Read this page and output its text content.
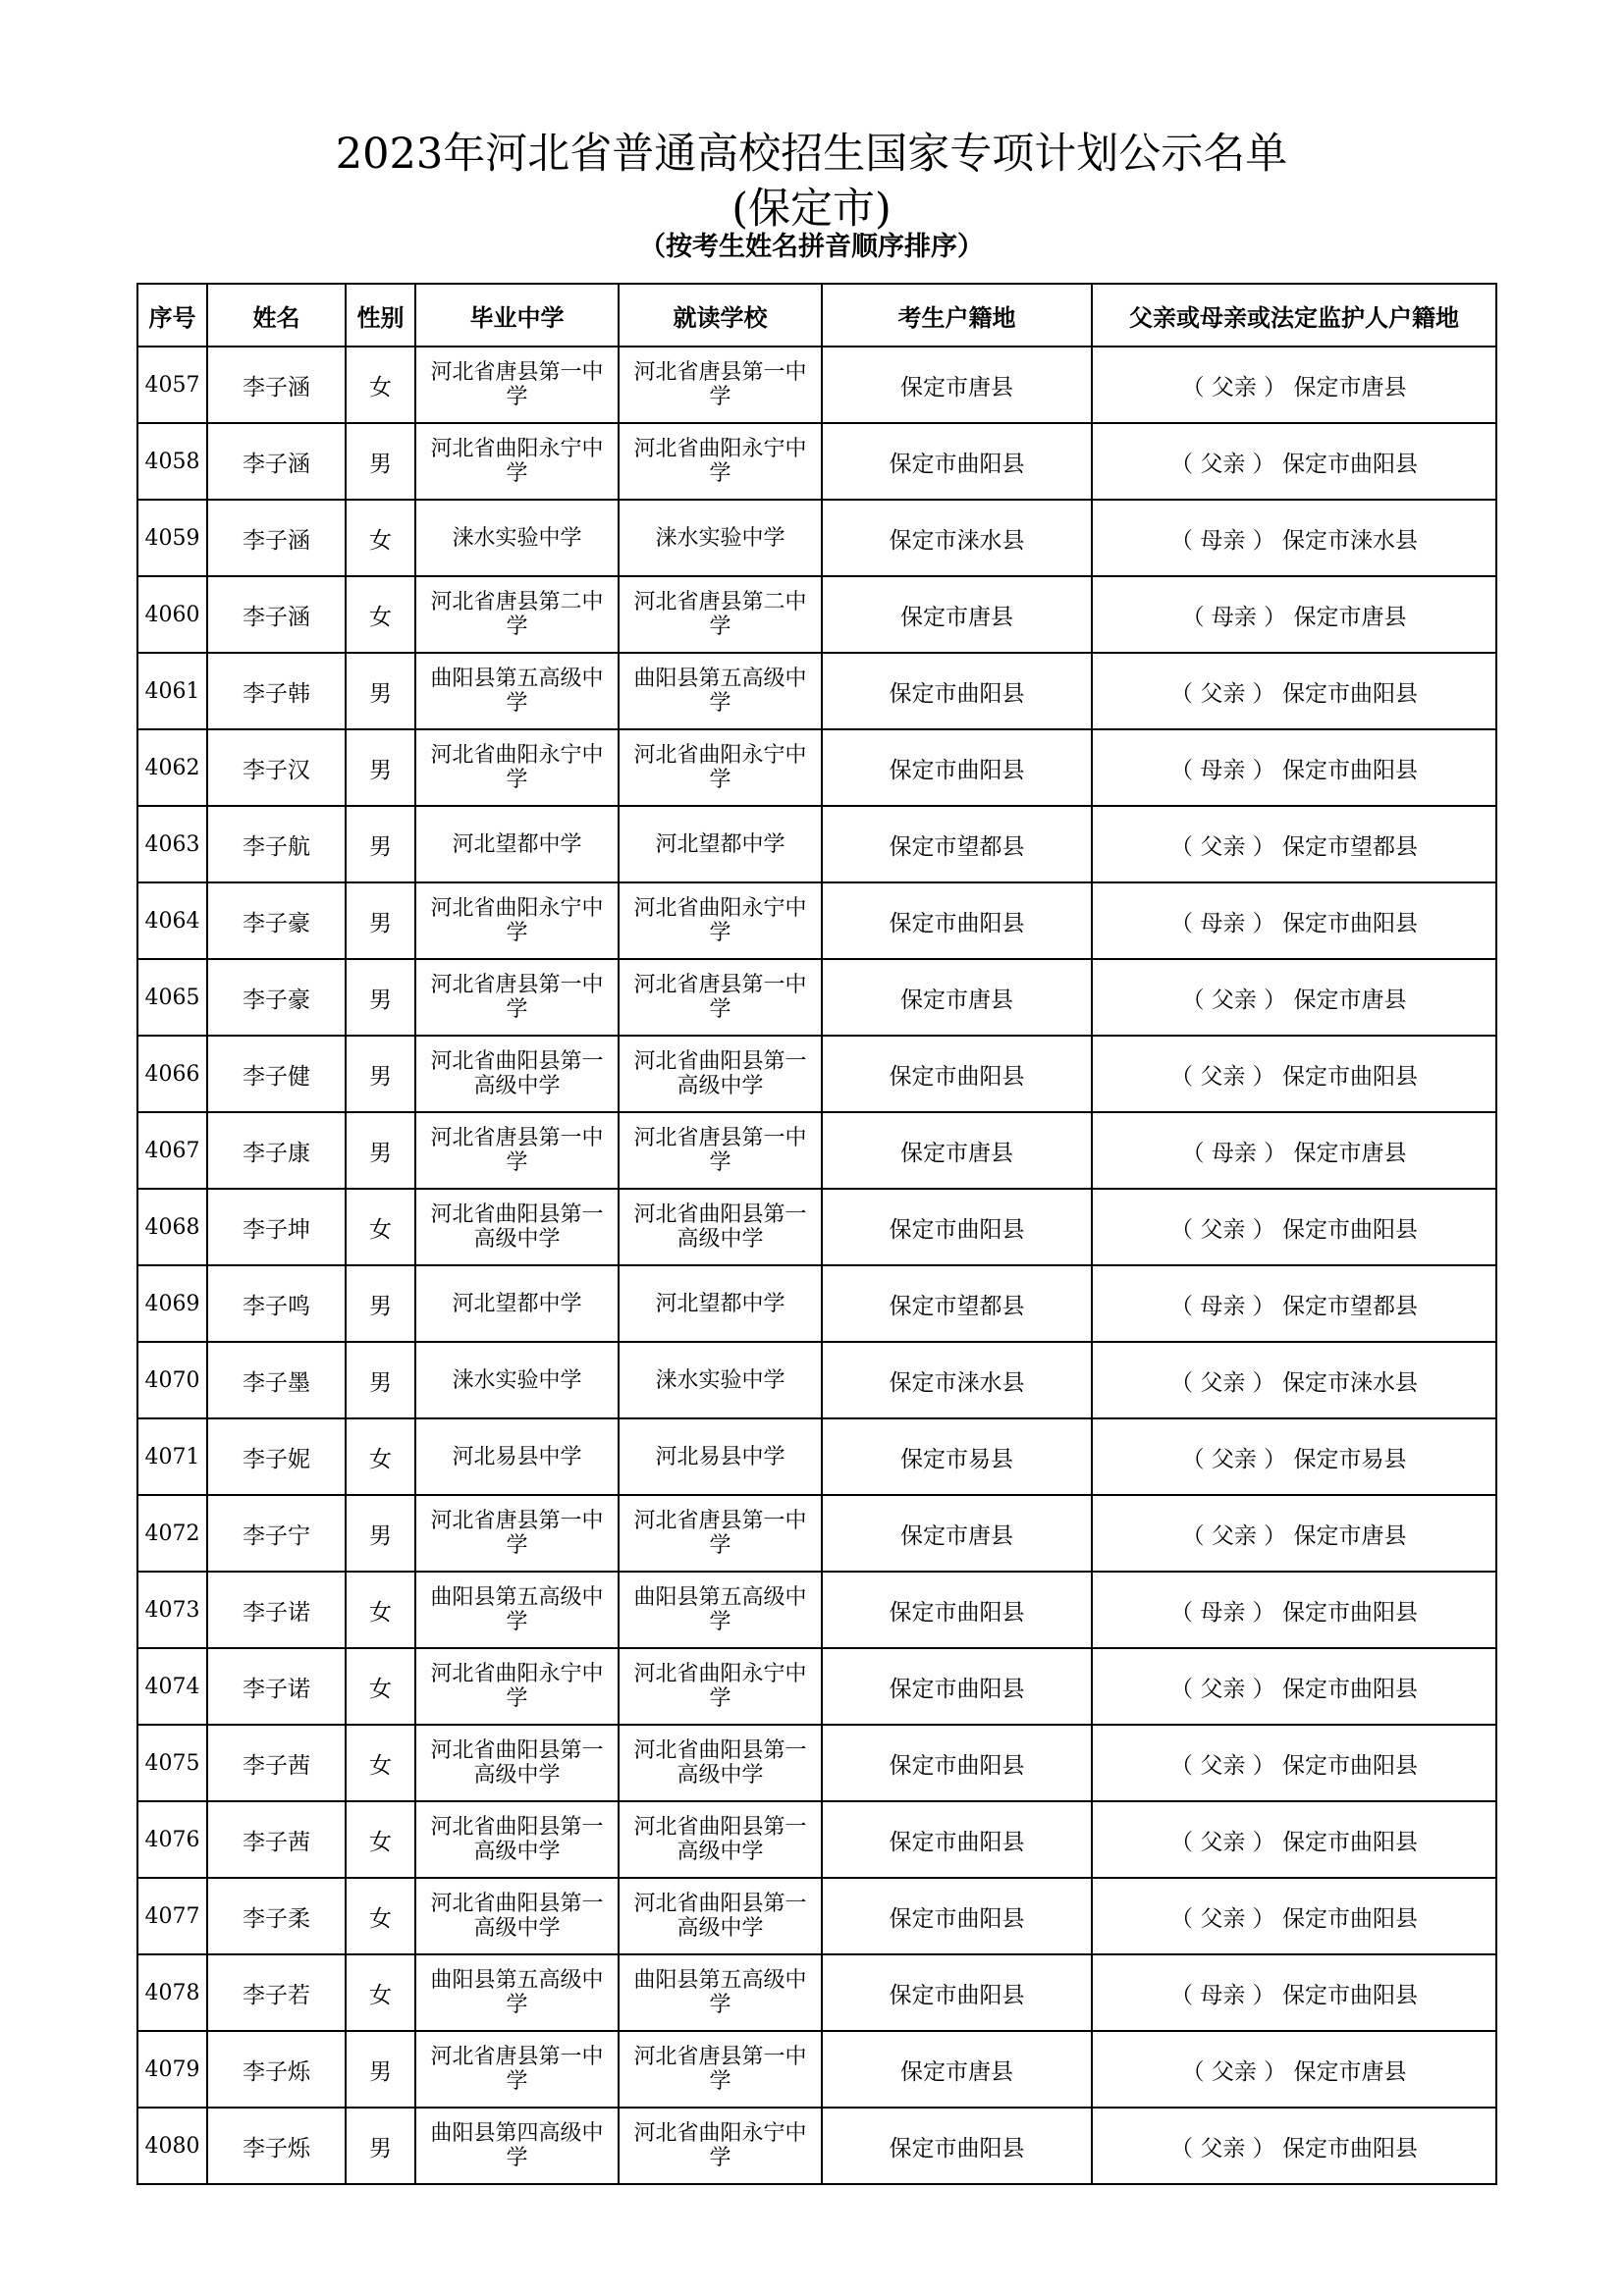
2023年河北省普通高校招生国家专项计划公示名单
(保定市)
（按考生姓名拼音顺序排序）
序号	姓名	性别	毕业中学	就读学校	考生户籍地	父亲或母亲或法定监护人户籍地
4057	李子涵	女	河北省唐县第一中学	河北省唐县第一中学	保定市唐县	（ 父亲 ） 保定市唐县
4058	李子涵	男	河北省曲阳永宁中学	河北省曲阳永宁中学	保定市曲阳县	（ 父亲 ） 保定市曲阳县
4059	李子涵	女	涞水实验中学	涞水实验中学	保定市涞水县	（ 母亲 ） 保定市涞水县
4060	李子涵	女	河北省唐县第二中学	河北省唐县第二中学	保定市唐县	（ 母亲 ） 保定市唐县
4061	李子韩	男	曲阳县第五高级中学	曲阳县第五高级中学	保定市曲阳县	（ 父亲 ） 保定市曲阳县
4062	李子汉	男	河北省曲阳永宁中学	河北省曲阳永宁中学	保定市曲阳县	（ 母亲 ） 保定市曲阳县
4063	李子航	男	河北望都中学	河北望都中学	保定市望都县	（ 父亲 ） 保定市望都县
4064	李子豪	男	河北省曲阳永宁中学	河北省曲阳永宁中学	保定市曲阳县	（ 母亲 ） 保定市曲阳县
4065	李子豪	男	河北省唐县第一中学	河北省唐县第一中学	保定市唐县	（ 父亲 ） 保定市唐县
4066	李子健	男	河北省曲阳县第一高级中学	河北省曲阳县第一高级中学	保定市曲阳县	（ 父亲 ） 保定市曲阳县
4067	李子康	男	河北省唐县第一中学	河北省唐县第一中学	保定市唐县	（ 母亲 ） 保定市唐县
4068	李子坤	女	河北省曲阳县第一高级中学	河北省曲阳县第一高级中学	保定市曲阳县	（ 父亲 ） 保定市曲阳县
4069	李子鸣	男	河北望都中学	河北望都中学	保定市望都县	（ 母亲 ） 保定市望都县
4070	李子墨	男	涞水实验中学	涞水实验中学	保定市涞水县	（ 父亲 ） 保定市涞水县
4071	李子妮	女	河北易县中学	河北易县中学	保定市易县	（ 父亲 ） 保定市易县
4072	李子宁	男	河北省唐县第一中学	河北省唐县第一中学	保定市唐县	（ 父亲 ） 保定市唐县
4073	李子诺	女	曲阳县第五高级中学	曲阳县第五高级中学	保定市曲阳县	（ 母亲 ） 保定市曲阳县
4074	李子诺	女	河北省曲阳永宁中学	河北省曲阳永宁中学	保定市曲阳县	（ 父亲 ） 保定市曲阳县
4075	李子茜	女	河北省曲阳县第一高级中学	河北省曲阳县第一高级中学	保定市曲阳县	（ 父亲 ） 保定市曲阳县
4076	李子茜	女	河北省曲阳县第一高级中学	河北省曲阳县第一高级中学	保定市曲阳县	（ 父亲 ） 保定市曲阳县
4077	李子柔	女	河北省曲阳县第一高级中学	河北省曲阳县第一高级中学	保定市曲阳县	（ 父亲 ） 保定市曲阳县
4078	李子若	女	曲阳县第五高级中学	曲阳县第五高级中学	保定市曲阳县	（ 母亲 ） 保定市曲阳县
4079	李子烁	男	河北省唐县第一中学	河北省唐县第一中学	保定市唐县	（ 父亲 ） 保定市唐县
4080	李子烁	男	曲阳县第四高级中学	河北省曲阳永宁中学	保定市曲阳县	（ 父亲 ） 保定市曲阳县
